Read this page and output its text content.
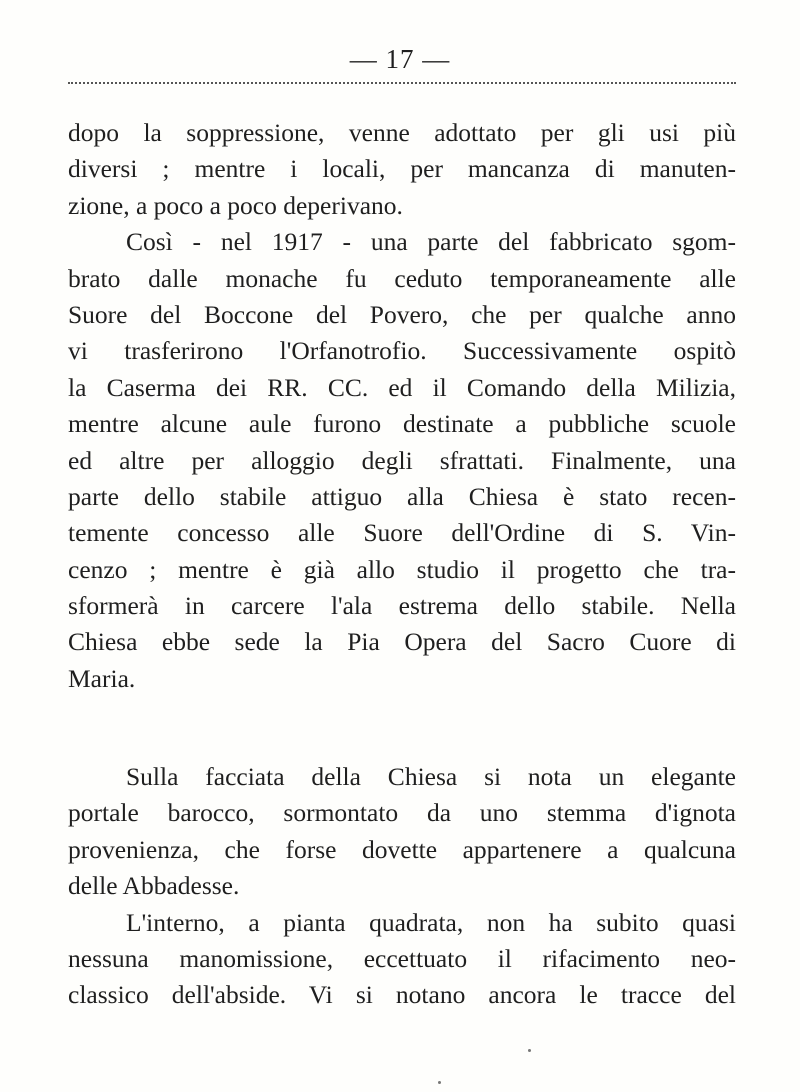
— 17 —
dopo la soppressione, venne adottato per gli usi più
diversi ; mentre i locali, per mancanza di manuten-
zione, a poco a poco deperivano.
Così - nel 1917 - una parte del fabbricato sgom-
brato dalle monache fu ceduto temporaneamente alle
Suore del Boccone del Povero, che per qualche anno
vi trasferirono l'Orfanotrofio. Successivamente ospitò
la Caserma dei RR. CC. ed il Comando della Milizia,
mentre alcune aule furono destinate a pubbliche scuole
ed altre per alloggio degli sfrattati. Finalmente, una
parte dello stabile attiguo alla Chiesa è stato recen-
temente concesso alle Suore dell'Ordine di S. Vin-
cenzo ; mentre è già allo studio il progetto che tra-
sformerà in carcere l'ala estrema dello stabile. Nella
Chiesa ebbe sede la Pia Opera del Sacro Cuore di
Maria.
Sulla facciata della Chiesa si nota un elegante
portale barocco, sormontato da uno stemma d'ignota
provenienza, che forse dovette appartenere a qualcuna
delle Abbadesse.
L'interno, a pianta quadrata, non ha subito quasi
nessuna manomissione, eccettuato il rifacimento neo-
classico dell'abside. Vi si notano ancora le tracce del
